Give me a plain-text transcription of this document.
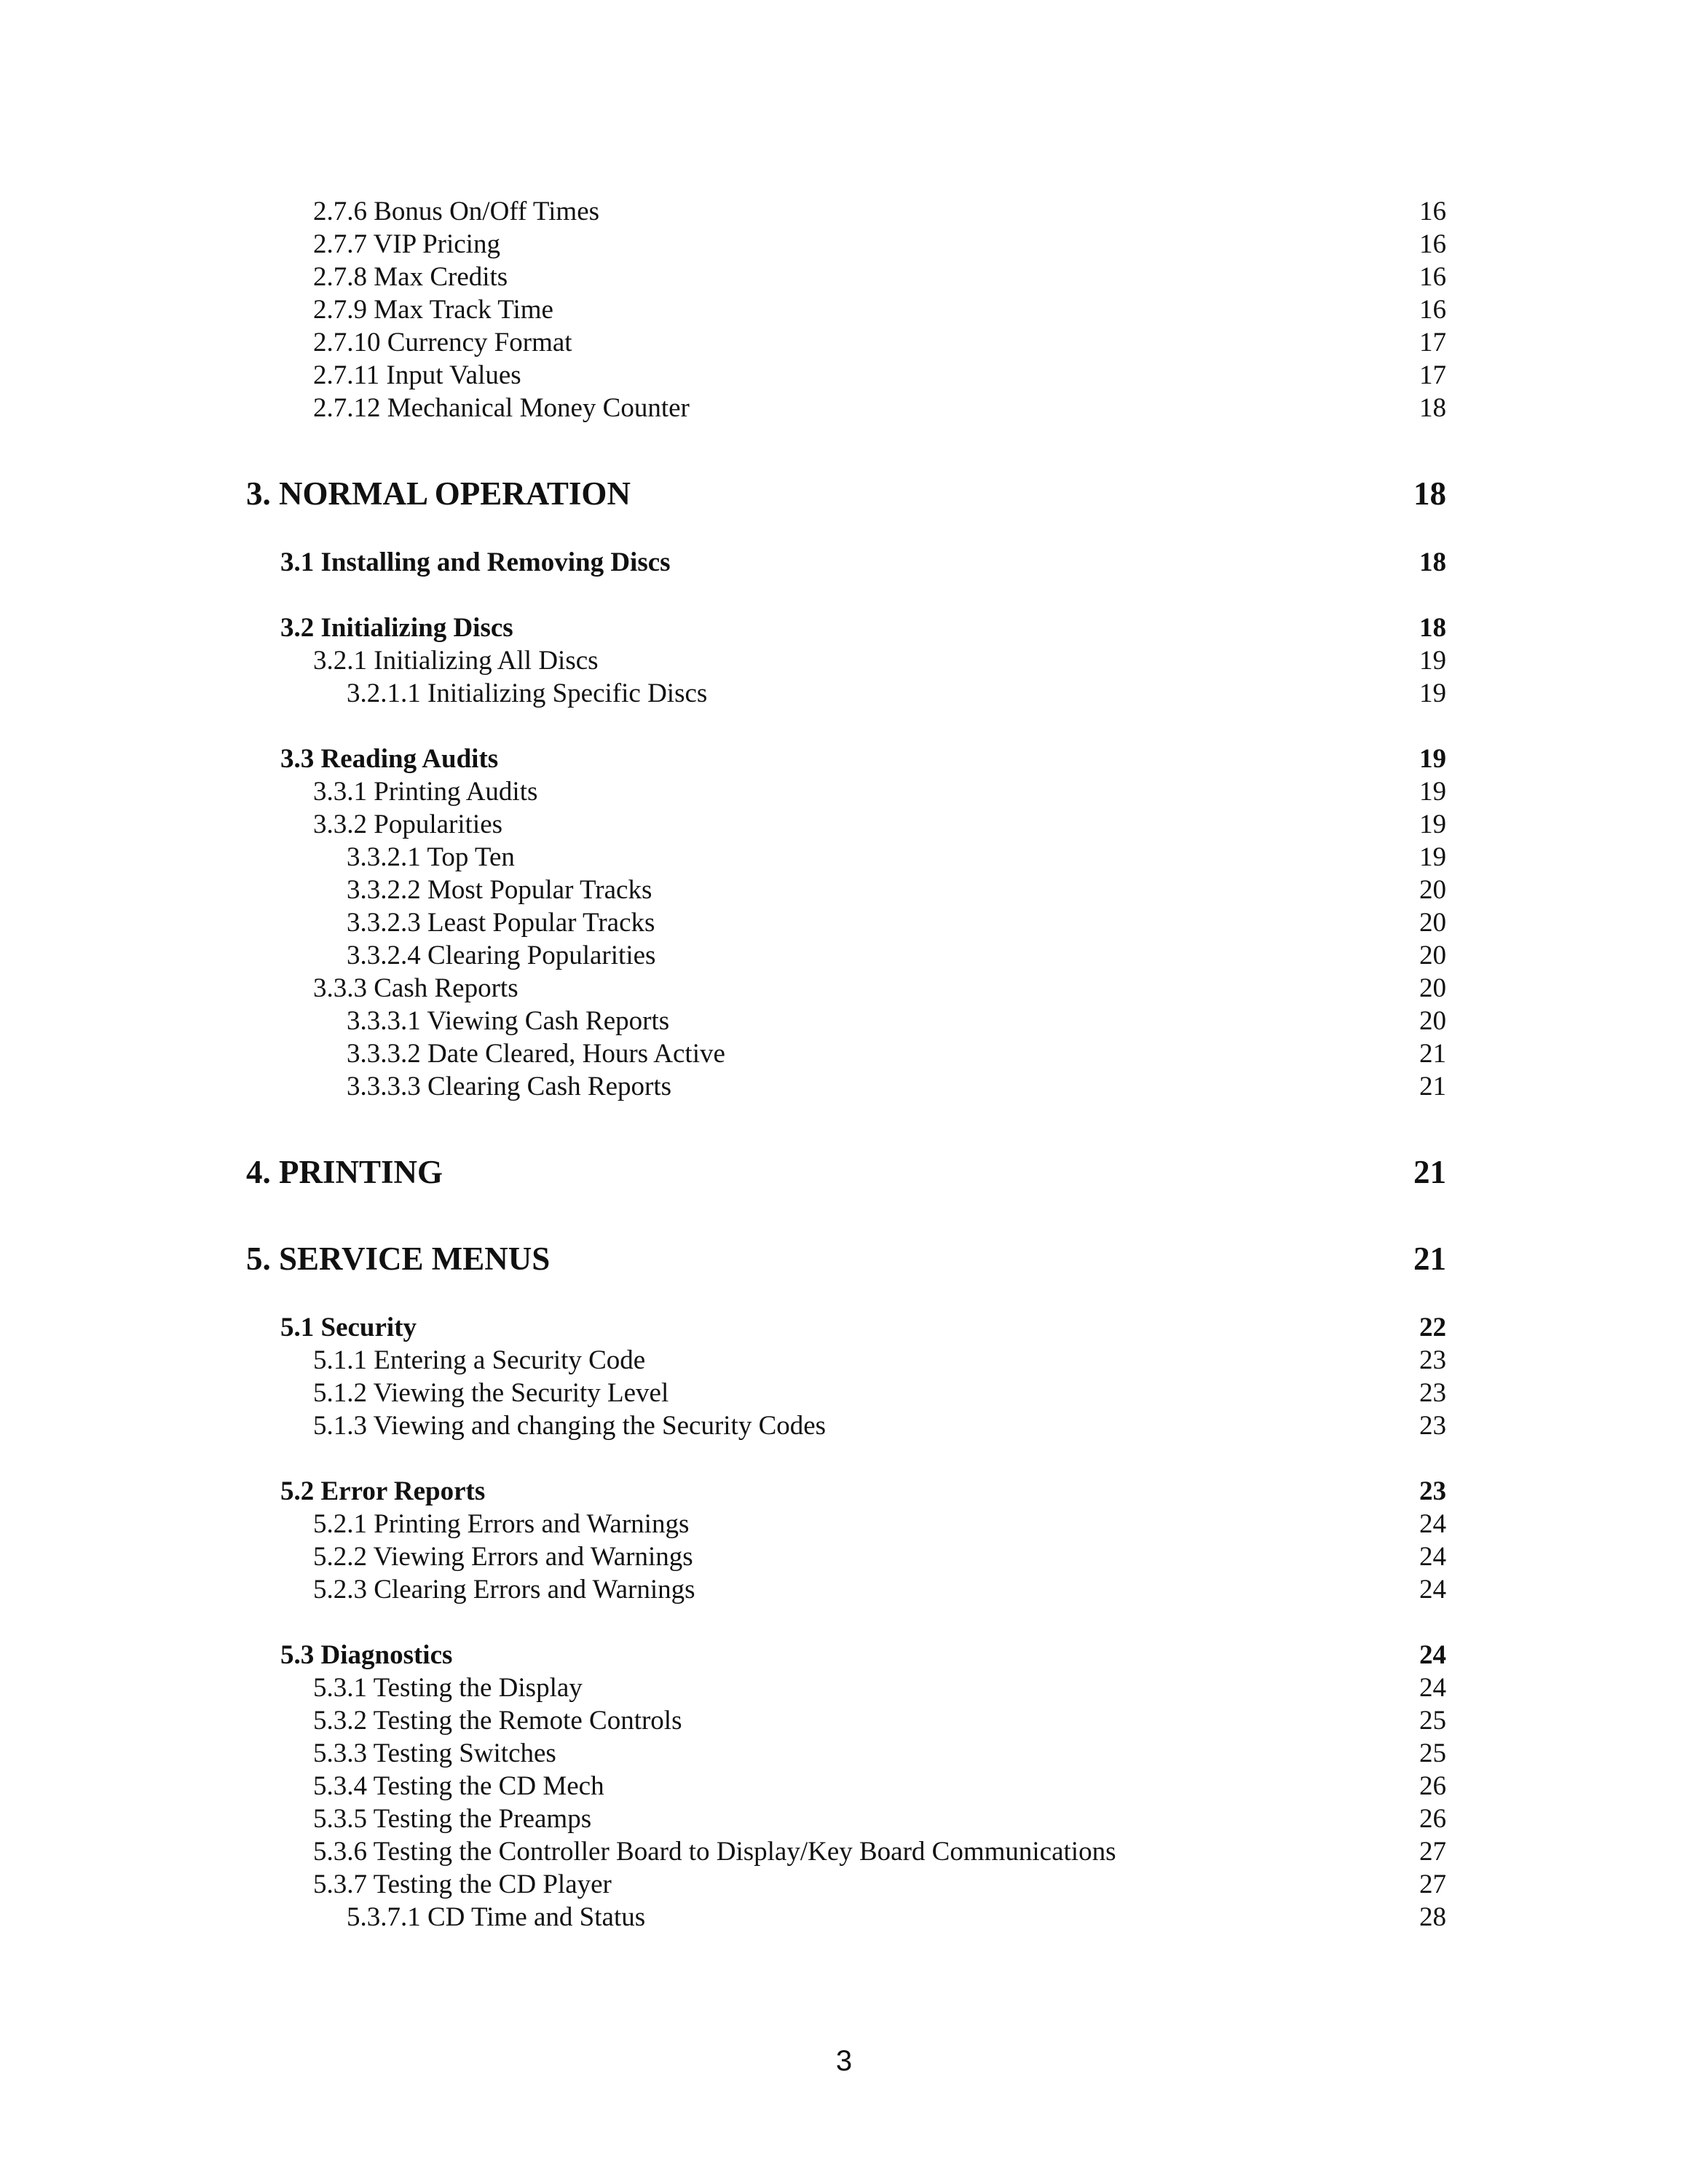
2.7.6 Bonus On/Off Times	16
2.7.7 VIP Pricing	16
2.7.8 Max Credits	16
2.7.9 Max Track Time	16
2.7.10 Currency Format	17
2.7.11 Input Values	17
2.7.12 Mechanical Money Counter	18
3. NORMAL OPERATION	18
3.1 Installing and Removing Discs	18
3.2 Initializing Discs	18
3.2.1 Initializing All Discs	19
3.2.1.1 Initializing Specific Discs	19
3.3 Reading Audits	19
3.3.1 Printing Audits	19
3.3.2 Popularities	19
3.3.2.1 Top Ten	19
3.3.2.2 Most Popular Tracks	20
3.3.2.3 Least Popular Tracks	20
3.3.2.4 Clearing Popularities	20
3.3.3 Cash Reports	20
3.3.3.1 Viewing Cash Reports	20
3.3.3.2 Date Cleared, Hours Active	21
3.3.3.3 Clearing Cash Reports	21
4. PRINTING	21
5. SERVICE MENUS	21
5.1 Security	22
5.1.1 Entering a Security Code	23
5.1.2 Viewing the Security Level	23
5.1.3 Viewing and changing the Security Codes	23
5.2 Error Reports	23
5.2.1 Printing Errors and Warnings	24
5.2.2 Viewing Errors and Warnings	24
5.2.3 Clearing Errors and Warnings	24
5.3 Diagnostics	24
5.3.1 Testing the Display	24
5.3.2 Testing the Remote Controls	25
5.3.3 Testing Switches	25
5.3.4 Testing the CD Mech	26
5.3.5 Testing the Preamps	26
5.3.6 Testing the Controller Board to Display/Key Board Communications	27
5.3.7 Testing the CD Player	27
5.3.7.1 CD Time and Status	28
3
